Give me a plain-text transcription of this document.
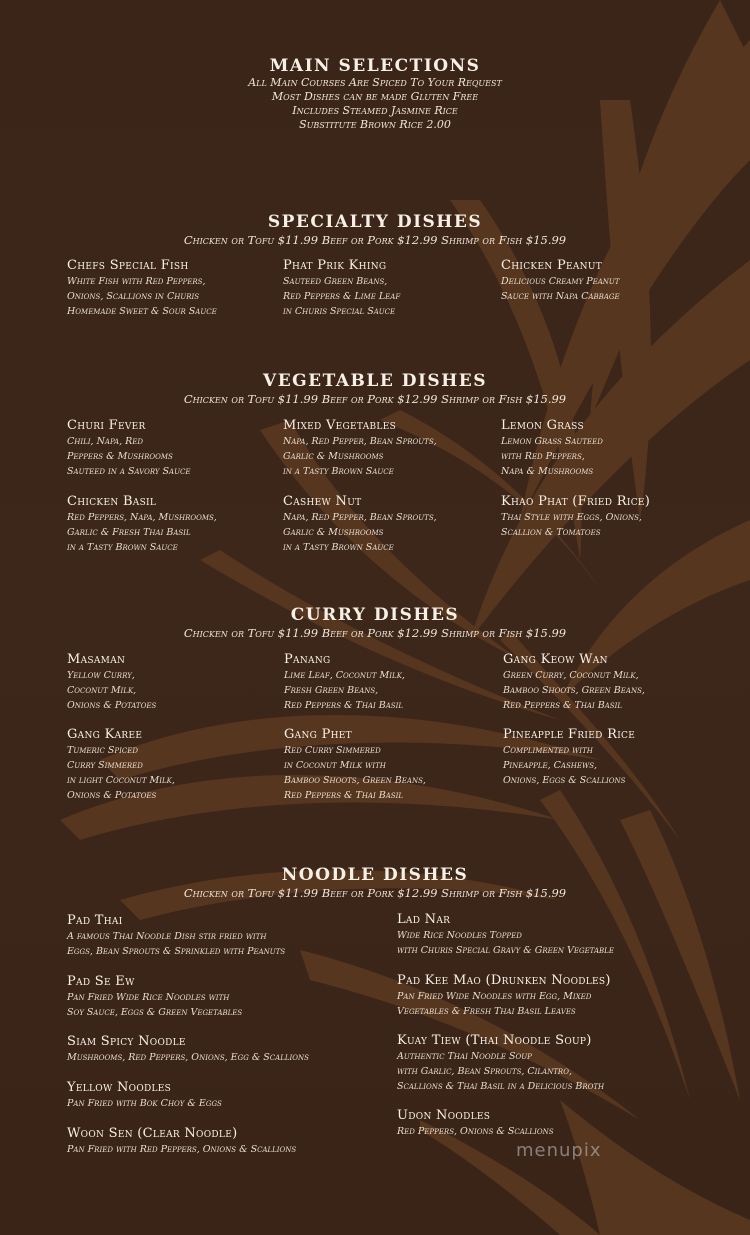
MAIN SELECTIONS
All Main Courses Are Spiced To Your Request
Most Dishes can be made Gluten Free
Includes Steamed Jasmine Rice
Substitute Brown Rice 2.00
SPECIALTY DISHES
Chicken or Tofu $11.99 Beef or Pork $12.99 Shrimp or Fish $15.99
Chefs Special Fish
White Fish with Red Peppers,
Onions, Scallions in Churis
Homemade Sweet & Sour Sauce
Phat Prik Khing
Sauteed Green Beans,
Red Peppers & Lime Leaf
in Churis Special Sauce
Chicken Peanut
Delicious Creamy Peanut
Sauce with Napa Cabbage
VEGETABLE DISHES
Chicken or Tofu $11.99 Beef or Pork $12.99 Shrimp or Fish $15.99
Churi Fever
Chili, Napa, Red
Peppers & Mushrooms
Sauteed in a Savory Sauce
Mixed Vegetables
Napa, Red Pepper, Bean Sprouts,
Garlic & Mushrooms
in a Tasty Brown Sauce
Lemon Grass
Lemon Grass Sauteed
with Red Peppers,
Napa & Mushrooms
Chicken Basil
Red Peppers, Napa, Mushrooms,
Garlic & Fresh Thai Basil
in a Tasty Brown Sauce
Cashew Nut
Napa, Red Pepper, Bean Sprouts,
Garlic & Mushrooms
in a Tasty Brown Sauce
Khao Phat (Fried Rice)
Thai Style with Eggs, Onions,
Scallion & Tomatoes
CURRY DISHES
Chicken or Tofu $11.99 Beef or Pork $12.99 Shrimp or Fish $15.99
Masaman
Yellow Curry,
Coconut Milk,
Onions & Potatoes
Panang
Lime Leaf, Coconut Milk,
Fresh Green Beans,
Red Peppers & Thai Basil
Gang Keow Wan
Green Curry, Coconut Milk,
Bamboo Shoots, Green Beans,
Red Peppers & Thai Basil
Gang Karee
Tumeric Spiced
Curry Simmered
in light Coconut Milk,
Onions & Potatoes
Gang Phet
Red Curry Simmered
in Coconut Milk with
Bamboo Shoots, Green Beans,
Red Peppers & Thai Basil
Pineapple Fried Rice
Complimented with
Pineapple, Cashews,
Onions, Eggs & Scallions
NOODLE DISHES
Chicken or Tofu $11.99 Beef or Pork $12.99 Shrimp or Fish $15.99
Pad Thai
A famous Thai Noodle Dish stir fried with
Eggs, Bean Sprouts & Sprinkled with Peanuts
Pad Se Ew
Pan Fried Wide Rice Noodles with
Soy Sauce, Eggs & Green Vegetables
Siam Spicy Noodle
Mushrooms, Red Peppers, Onions, Egg & Scallions
Yellow Noodles
Pan Fried with Bok Choy & Eggs
Woon Sen (Clear Noodle)
Pan Fried with Red Peppers, Onions & Scallions
Lad Nar
Wide Rice Noodles Topped
with Churis Special Gravy & Green Vegetable
Pad Kee Mao (Drunken Noodles)
Pan Fried Wide Noodles with Egg, Mixed
Vegetables & Fresh Thai Basil Leaves
Kuay Tiew (Thai Noodle Soup)
Authentic Thai Noodle Soup
with Garlic, Bean Sprouts, Cilantro,
Scallions & Thai Basil in a Delicious Broth
Udon Noodles
Red Peppers, Onions & Scallions
menupix
